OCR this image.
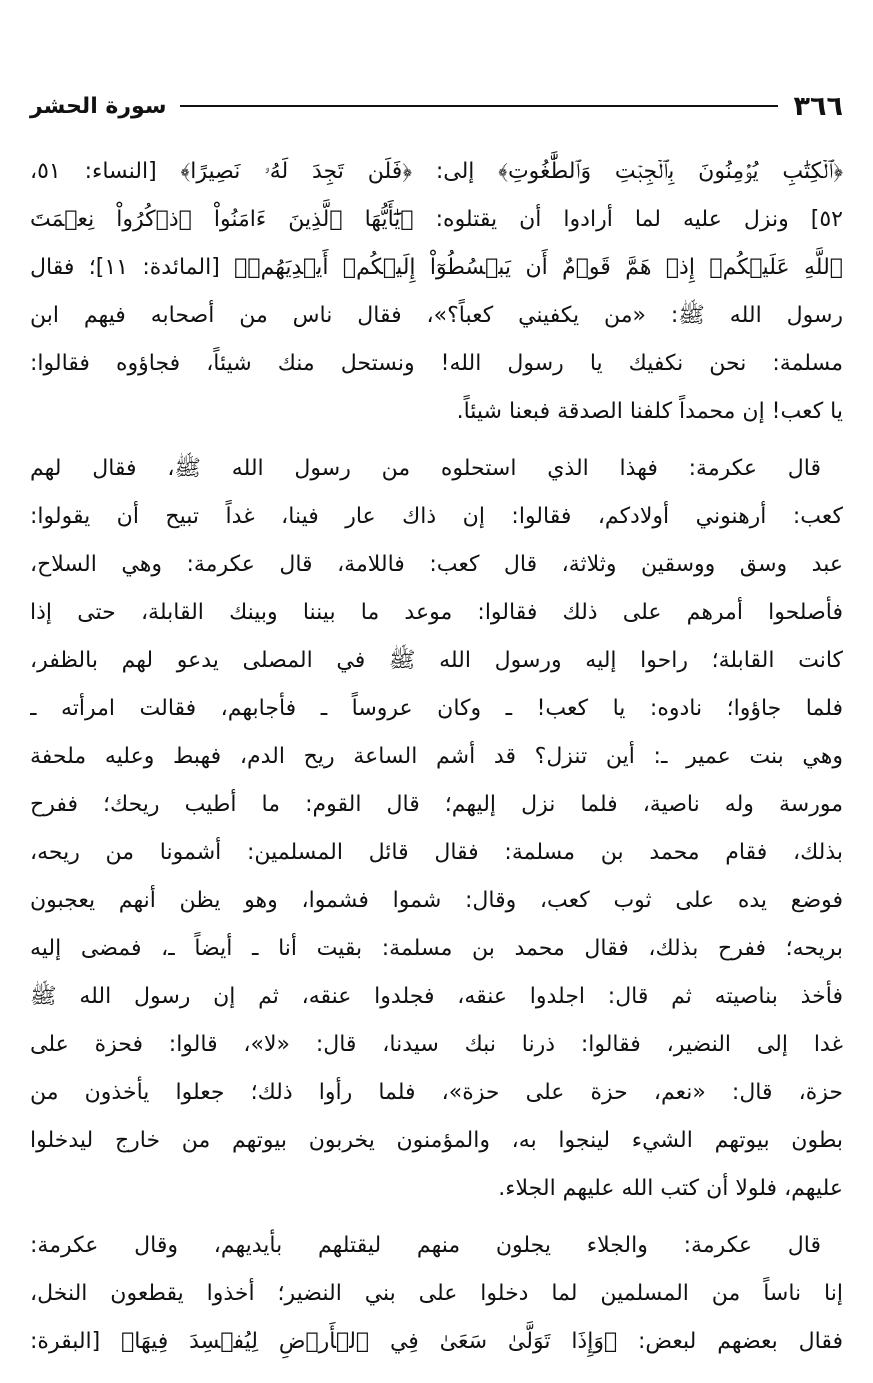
٣٦٦
سورة الحشر
﴿ٱلۡكِتَٰبِ يُؤۡمِنُونَ بِٱلۡجِبۡتِ وَٱلطَّٰغُوتِ﴾ إلى: ﴿فَلَن تَجِدَ لَهُۥ نَصِيرًا﴾ [النساء: ٥١،
٥٢] ونزل عليه لما أرادوا أن يقتلوه: ﴿يَٰٓأَيُّهَا ٱلَّذِينَ ءَامَنُواْ ٱذۡكُرُواْ نِعۡمَتَ
ٱللَّهِ عَلَيۡكُمۡ إِذۡ هَمَّ قَوۡمٌ أَن يَبۡسُطُوٓاْ إِلَيۡكُمۡ أَيۡدِيَهُمۡ﴾ [المائدة: ١١]؛ فقال
رسول الله ﷺ: «من يكفيني كعباً؟»، فقال ناس من أصحابه فيهم ابن
مسلمة: نحن نكفيك يا رسول الله! ونستحل منك شيئاً، فجاؤوه فقالوا:
يا كعب! إن محمداً كلفنا الصدقة فبعنا شيئاً.
قال عكرمة: فهذا الذي استحلوه من رسول الله ﷺ، فقال لهم
كعب: أرهنوني أولادكم، فقالوا: إن ذاك عار فينا، غداً تبيح أن يقولوا:
عبد وسق ووسقين وثلاثة، قال كعب: فاللامة، قال عكرمة: وهي السلاح،
فأصلحوا أمرهم على ذلك فقالوا: موعد ما بيننا وبينك القابلة، حتى إذا
كانت القابلة؛ راحوا إليه ورسول الله ﷺ في المصلى يدعو لهم بالظفر،
فلما جاؤوا؛ نادوه: يا كعب! ـ وكان عروساً ـ فأجابهم، فقالت امرأته ـ
وهي بنت عمير ـ: أين تنزل؟ قد أشم الساعة ريح الدم، فهبط وعليه ملحفة
مورسة وله ناصية، فلما نزل إليهم؛ قال القوم: ما أطيب ريحك؛ ففرح
بذلك، فقام محمد بن مسلمة: فقال قائل المسلمين: أشمونا من ريحه،
فوضع يده على ثوب كعب، وقال: شموا فشموا، وهو يظن أنهم يعجبون
بريحه؛ ففرح بذلك، فقال محمد بن مسلمة: بقيت أنا ـ أيضاً ـ، فمضى إليه
فأخذ بناصيته ثم قال: اجلدوا عنقه، فجلدوا عنقه، ثم إن رسول الله ﷺ
غدا إلى النضير، فقالوا: ذرنا نبك سيدنا، قال: «لا»، قالوا: فحزة على
حزة، قال: «نعم، حزة على حزة»، فلما رأوا ذلك؛ جعلوا يأخذون من
بطون بيوتهم الشيء لينجوا به، والمؤمنون يخربون بيوتهم من خارج ليدخلوا
عليهم، فلولا أن كتب الله عليهم الجلاء.
قال عكرمة: والجلاء يجلون منهم ليقتلهم بأيديهم، وقال عكرمة:
إنا ناساً من المسلمين لما دخلوا على بني النضير؛ أخذوا يقطعون النخل،
فقال بعضهم لبعض: ﴿وَإِذَا تَوَلَّىٰ سَعَىٰ فِي ٱلۡأَرۡضِ لِيُفۡسِدَ فِيهَا﴾ [البقرة:
